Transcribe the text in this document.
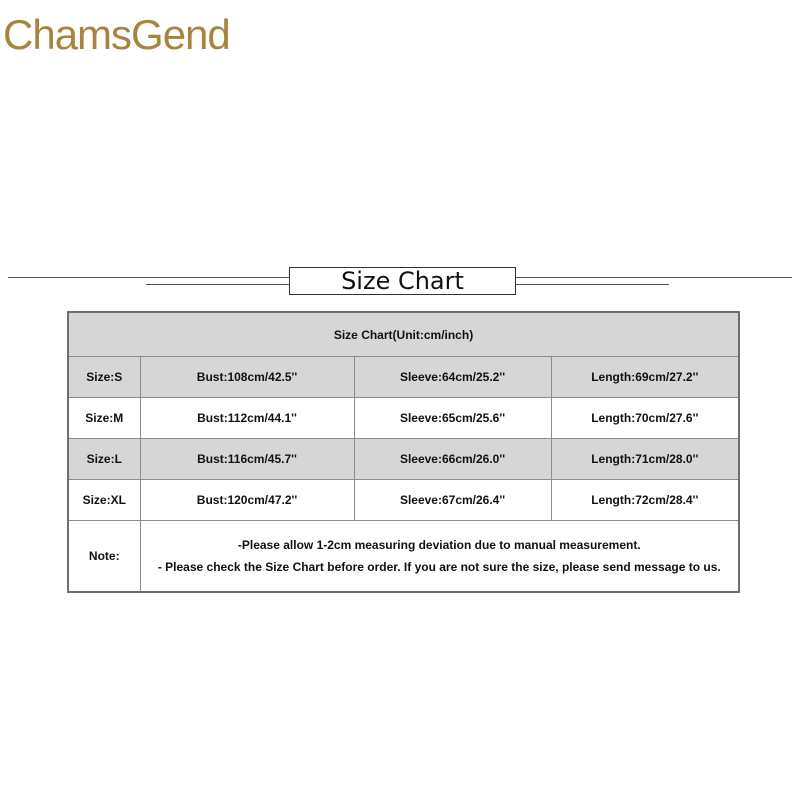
ChamsGend
Size Chart
Size Chart(Unit:cm/inch)			
Size:S	Bust:108cm/42.5''	Sleeve:64cm/25.2''	Length:69cm/27.2''
Size:M	Bust:112cm/44.1''	Sleeve:65cm/25.6''	Length:70cm/27.6''
Size:L	Bust:116cm/45.7''	Sleeve:66cm/26.0''	Length:71cm/28.0''
Size:XL	Bust:120cm/47.2''	Sleeve:67cm/26.4''	Length:72cm/28.4''
Note:	-Please allow 1-2cm measuring deviation due to manual measurement.
- Please check the Size Chart before order. If you are not sure the size, please send message to us.		
